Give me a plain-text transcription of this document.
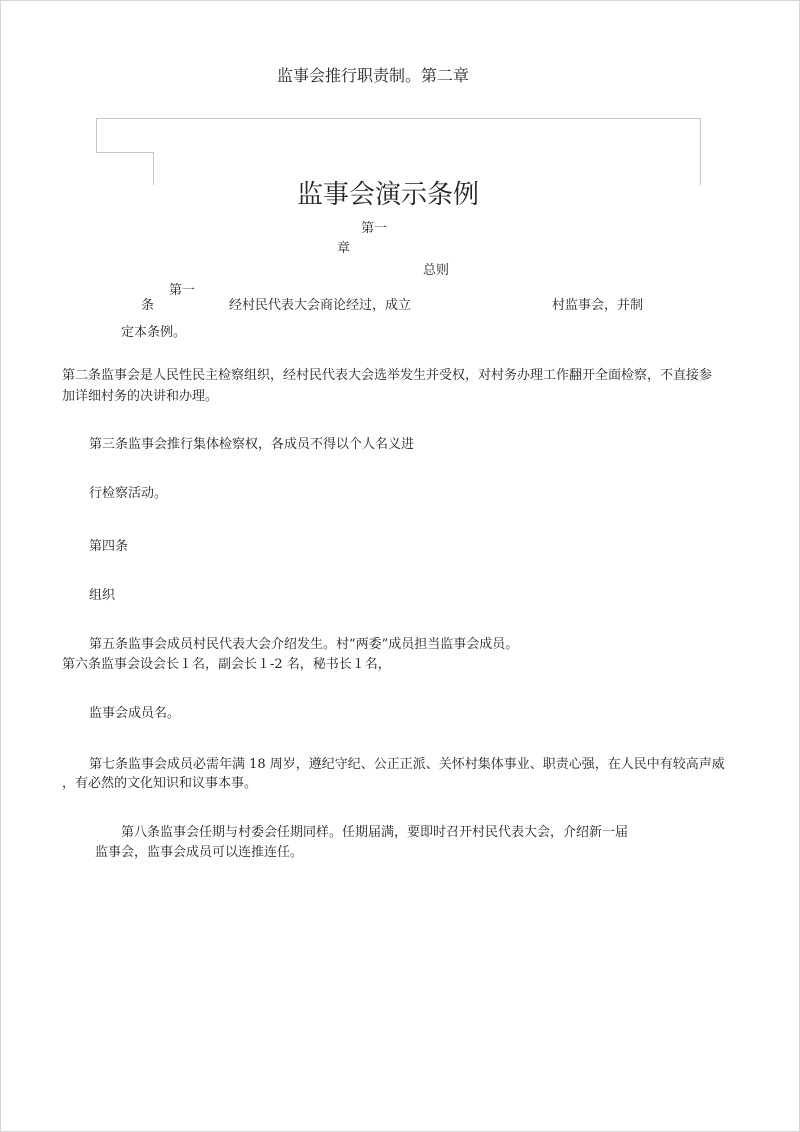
监事会推行职责制。第二章
监事会演示条例
第一
章
总则
第一
条	经村民代表大会商论经过，成立	村监事会，并制
定本条例。
第二条监事会是人民性民主检察组织，经村民代表大会选举发生并受权，对村务办理工作翻开全面检察，不直接参
加详细村务的决讲和办理。
第三条监事会推行集体检察权，各成员不得以个人名义进
行检察活动。
第四条
组织
第五条监事会成员村民代表大会介绍发生。村“两委”成员担当监事会成员。
第六条监事会设会长１名，副会长１-2 名，秘书长１名，
监事会成员名。
第七条监事会成员必需年满 18 周岁，遵纪守纪、公正正派、关怀村集体事业、职责心强，在人民中有较高声威
，有必然的文化知识和议事本事。
第八条监事会任期与村委会任期同样。任期届满，要即时召开村民代表大会，介绍新一届
监事会，监事会成员可以连推连任。
